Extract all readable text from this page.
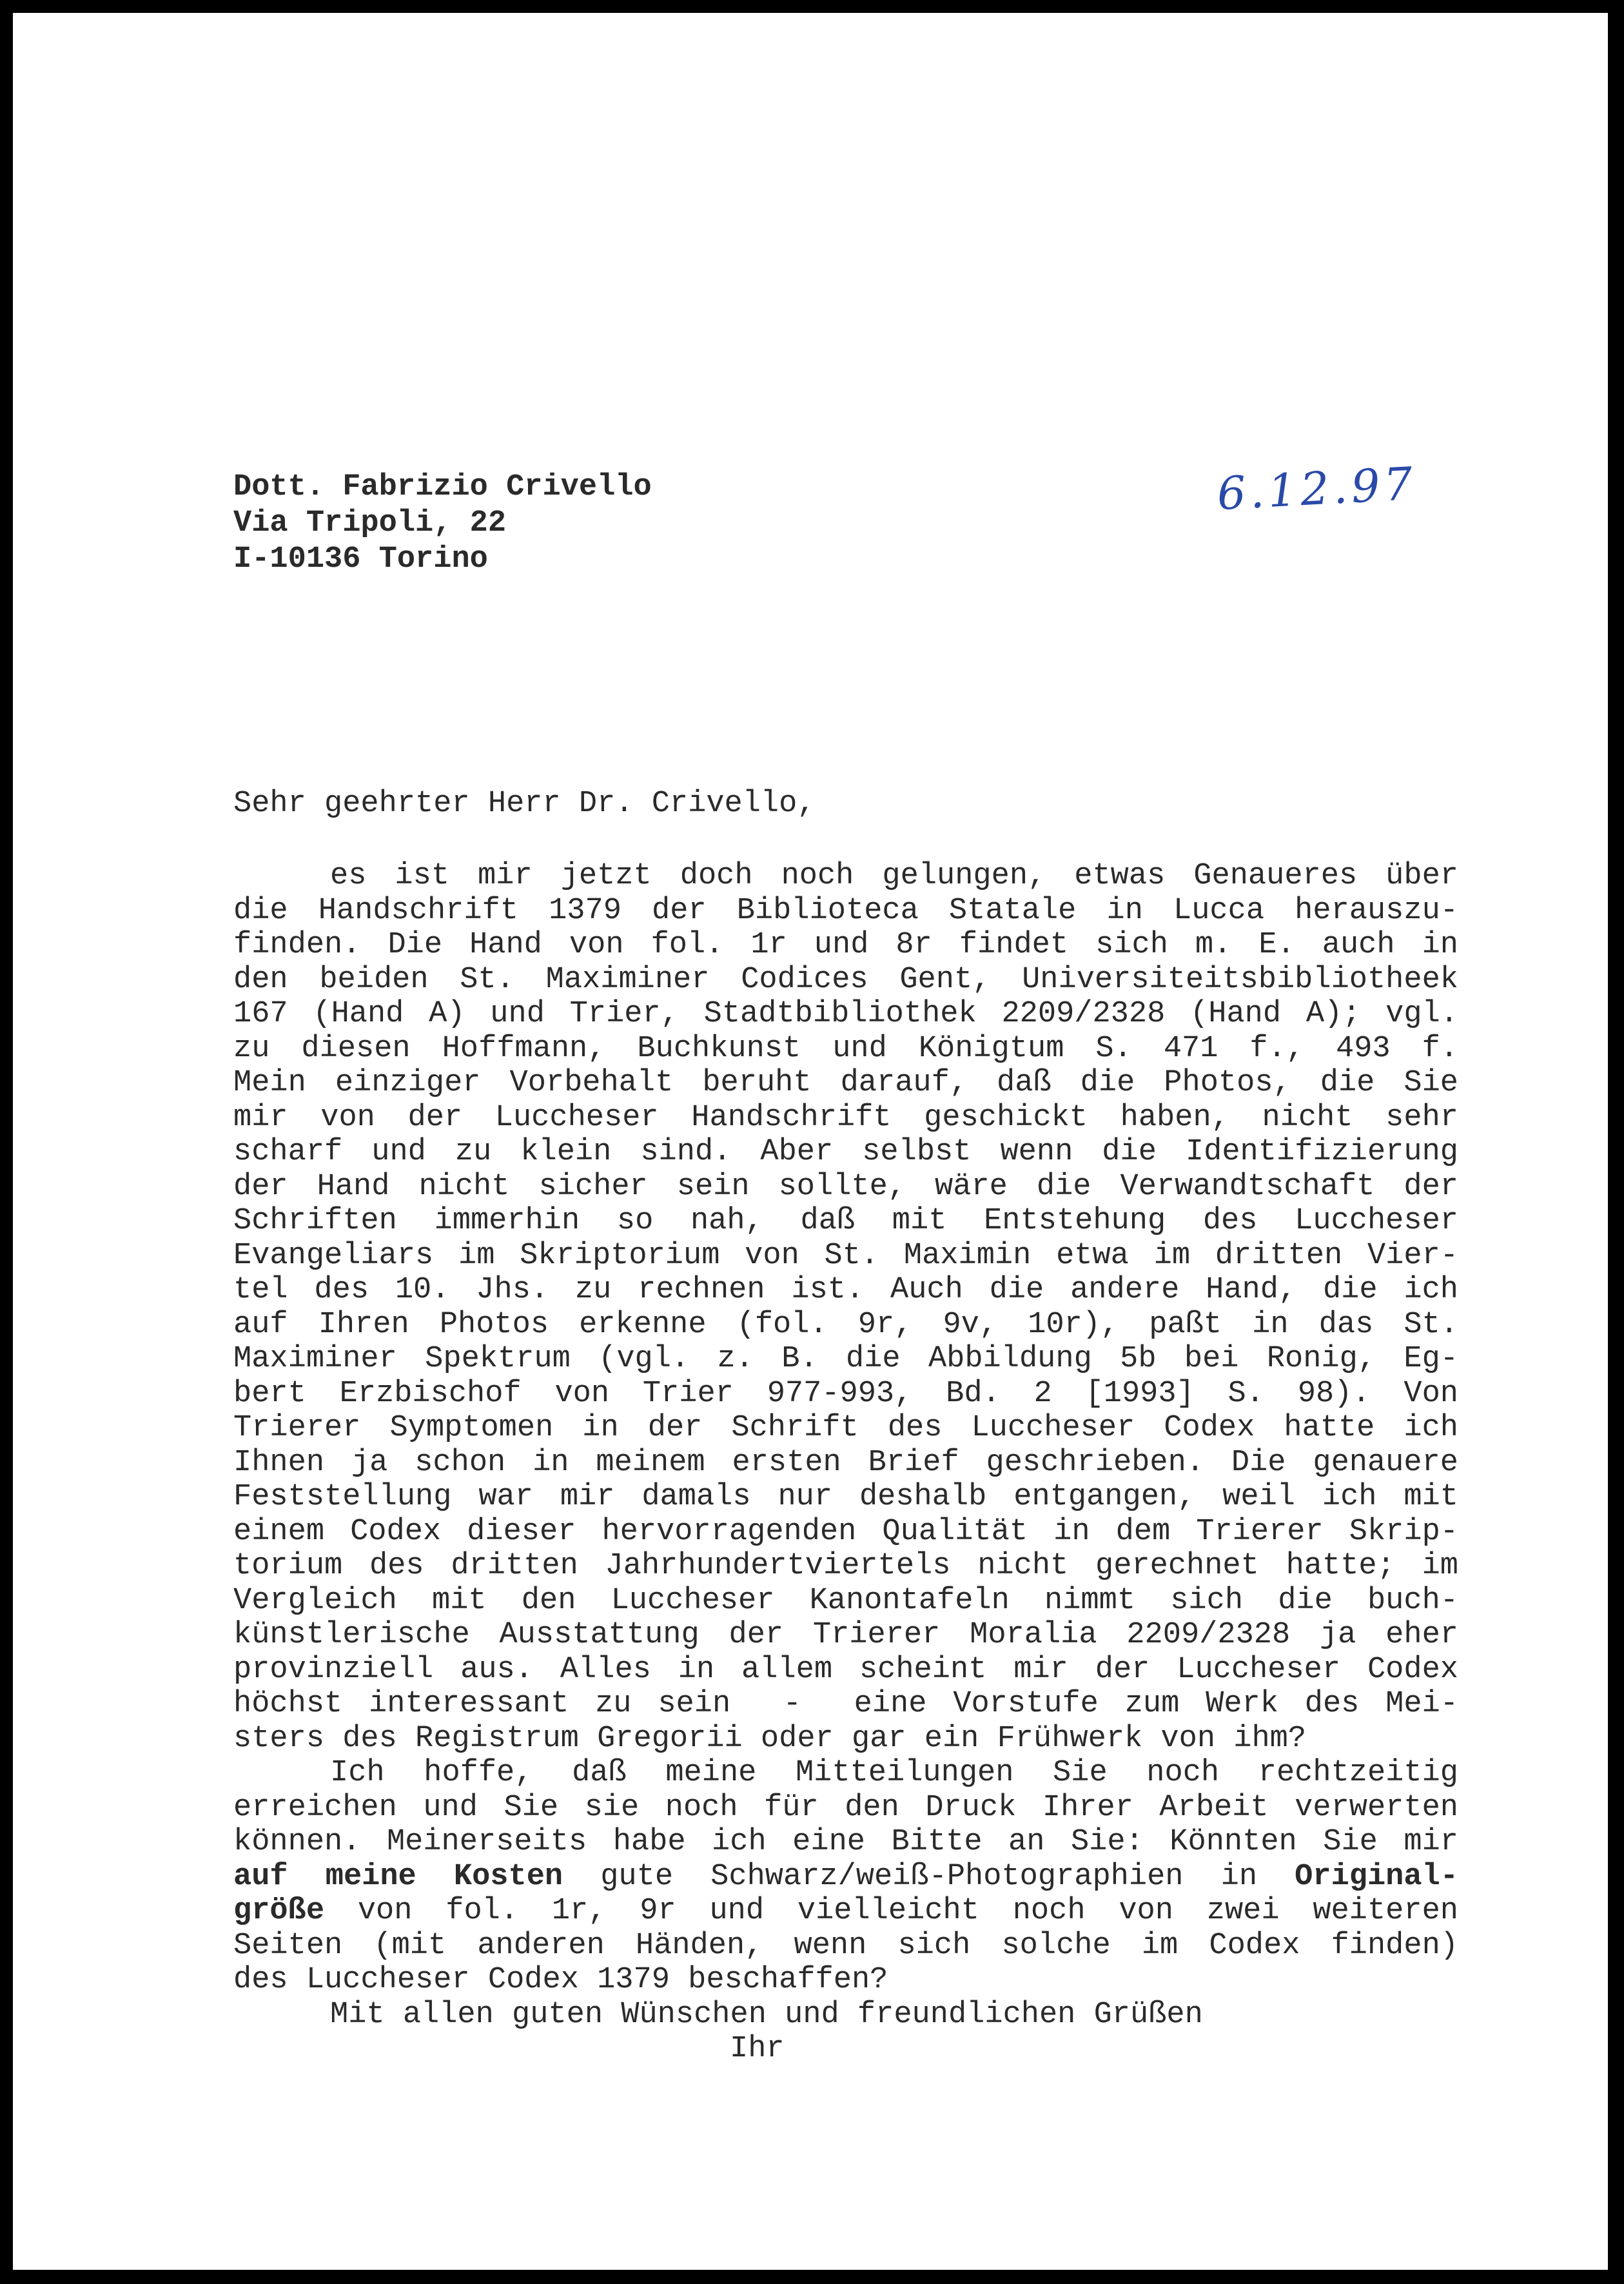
Dott. Fabrizio Crivello
Via Tripoli, 22
I-10136 Torino
6.12.97
Sehr geehrter Herr Dr. Crivello,
es ist mir jetzt doch noch gelungen, etwas Genaueres über
die Handschrift 1379 der Biblioteca Statale in Lucca herauszu-
finden. Die Hand von fol. 1r und 8r findet sich m. E. auch in
den beiden St. Maximiner Codices Gent, Universiteitsbibliotheek
167 (Hand A) und Trier, Stadtbibliothek 2209/2328 (Hand A); vgl.
zu diesen Hoffmann, Buchkunst und Königtum S. 471 f., 493 f.
Mein einziger Vorbehalt beruht darauf, daß die Photos, die Sie
mir von der Luccheser Handschrift geschickt haben, nicht sehr
scharf und zu klein sind. Aber selbst wenn die Identifizierung
der Hand nicht sicher sein sollte, wäre die Verwandtschaft der
Schriften immerhin so nah, daß mit Entstehung des Luccheser
Evangeliars im Skriptorium von St. Maximin etwa im dritten Vier-
tel des 10. Jhs. zu rechnen ist. Auch die andere Hand, die ich
auf Ihren Photos erkenne (fol. 9r, 9v, 10r), paßt in das St.
Maximiner Spektrum (vgl. z. B. die Abbildung 5b bei Ronig, Eg-
bert Erzbischof von Trier 977-993, Bd. 2 [1993] S. 98). Von
Trierer Symptomen in der Schrift des Luccheser Codex hatte ich
Ihnen ja schon in meinem ersten Brief geschrieben. Die genauere
Feststellung war mir damals nur deshalb entgangen, weil ich mit
einem Codex dieser hervorragenden Qualität in dem Trierer Skrip-
torium des dritten Jahrhundertviertels nicht gerechnet hatte; im
Vergleich mit den Luccheser Kanontafeln nimmt sich die buch-
künstlerische Ausstattung der Trierer Moralia 2209/2328 ja eher
provinziell aus. Alles in allem scheint mir der Luccheser Codex
höchst interessant zu sein  -  eine Vorstufe zum Werk des Mei-
sters des Registrum Gregorii oder gar ein Frühwerk von ihm?
Ich hoffe, daß meine Mitteilungen Sie noch rechtzeitig
erreichen und Sie sie noch für den Druck Ihrer Arbeit verwerten
können. Meinerseits habe ich eine Bitte an Sie: Könnten Sie mir
auf meine Kosten gute Schwarz/weiß-Photographien in Original-
größe von fol. 1r, 9r und vielleicht noch von zwei weiteren
Seiten (mit anderen Händen, wenn sich solche im Codex finden)
des Luccheser Codex 1379 beschaffen?
Mit allen guten Wünschen und freundlichen Grüßen
Ihr
